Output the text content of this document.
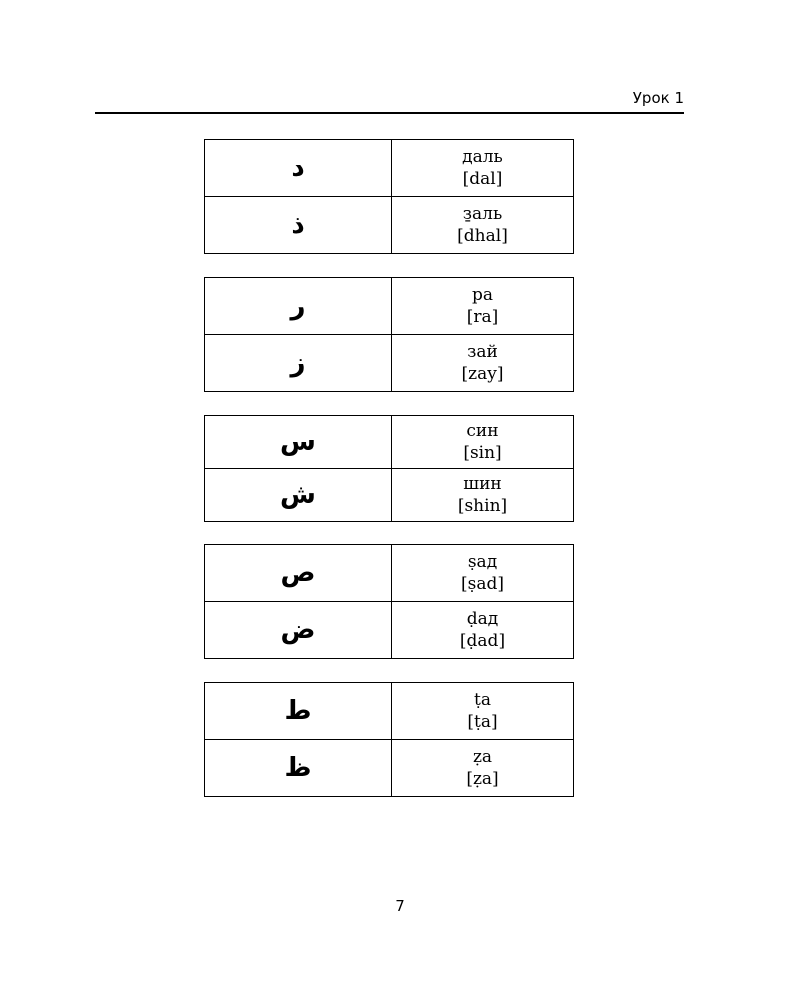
Урок 1
د	даль
[dal]

ذ	з̱аль
[dhal]
ر	ра
[ra]

ز	зай
[zay]
س	син
[sin]

ش	шин
[shin]
ص	ṣад
[ṣad]

ض	ḍад
[ḍad]
ط	ṭа
[ṭa]

ظ	ẓа
[ẓa]
7
